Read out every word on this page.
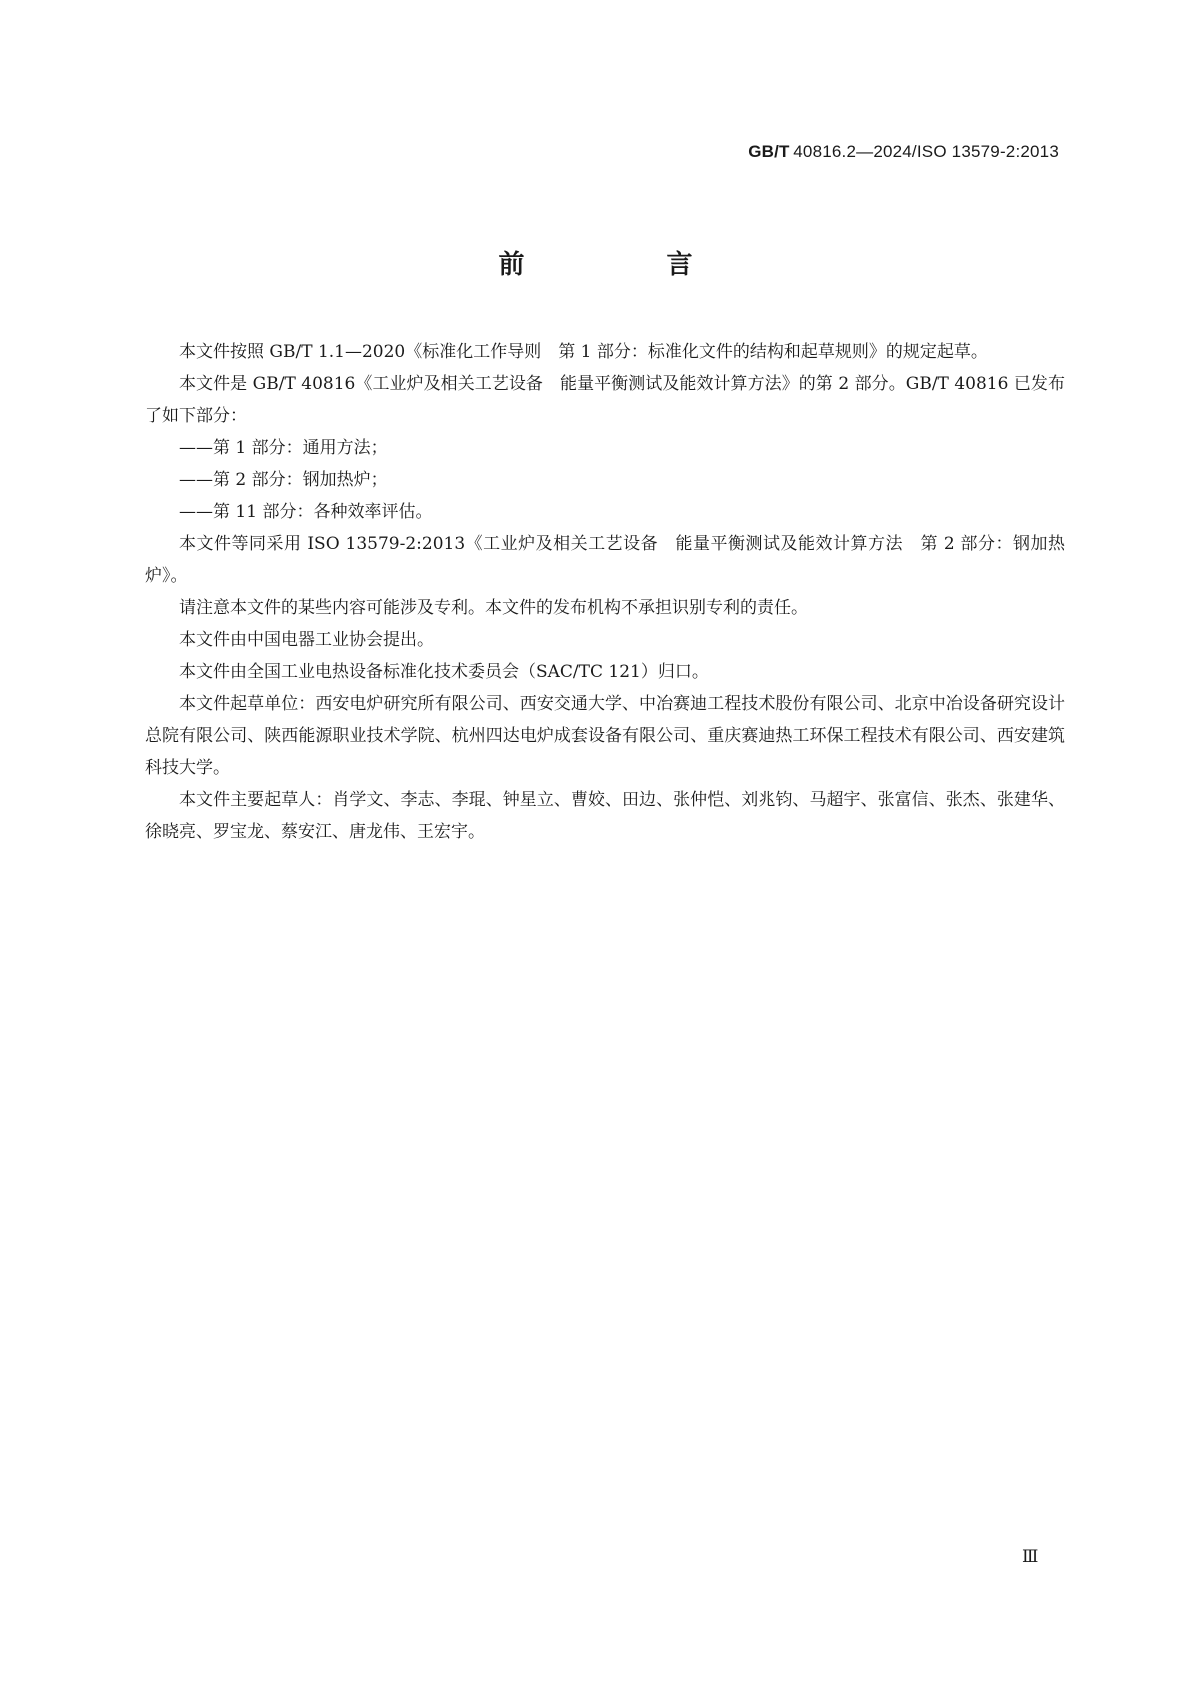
GB/T  40816.2—2024/ISO 13579-2:2013
前　言

本文件按照 GB/T 1.1—2020《标准化工作导则　第 1 部分：标准化文件的结构和起草规则》的规定起草。

本文件是 GB/T 40816《工业炉及相关工艺设备　能量平衡测试及能效计算方法》的第 2 部分。GB/T 40816 已发布了如下部分：

——第 1 部分：通用方法；

——第 2 部分：钢加热炉；

——第 11 部分：各种效率评估。

本文件等同采用 ISO 13579-2:2013《工业炉及相关工艺设备　能量平衡测试及能效计算方法　第 2 部分：钢加热炉》。

请注意本文件的某些内容可能涉及专利。本文件的发布机构不承担识别专利的责任。

本文件由中国电器工业协会提出。

本文件由全国工业电热设备标准化技术委员会（SAC/TC 121）归口。

本文件起草单位：西安电炉研究所有限公司、西安交通大学、中冶赛迪工程技术股份有限公司、北京中冶设备研究设计总院有限公司、陕西能源职业技术学院、杭州四达电炉成套设备有限公司、重庆赛迪热工环保工程技术有限公司、西安建筑科技大学。

本文件主要起草人：肖学文、李志、李琨、钟星立、曹姣、田边、张仲恺、刘兆钧、马超宇、张富信、张杰、张建华、徐晓亮、罗宝龙、蔡安江、唐龙伟、王宏宇。

Ⅲ
